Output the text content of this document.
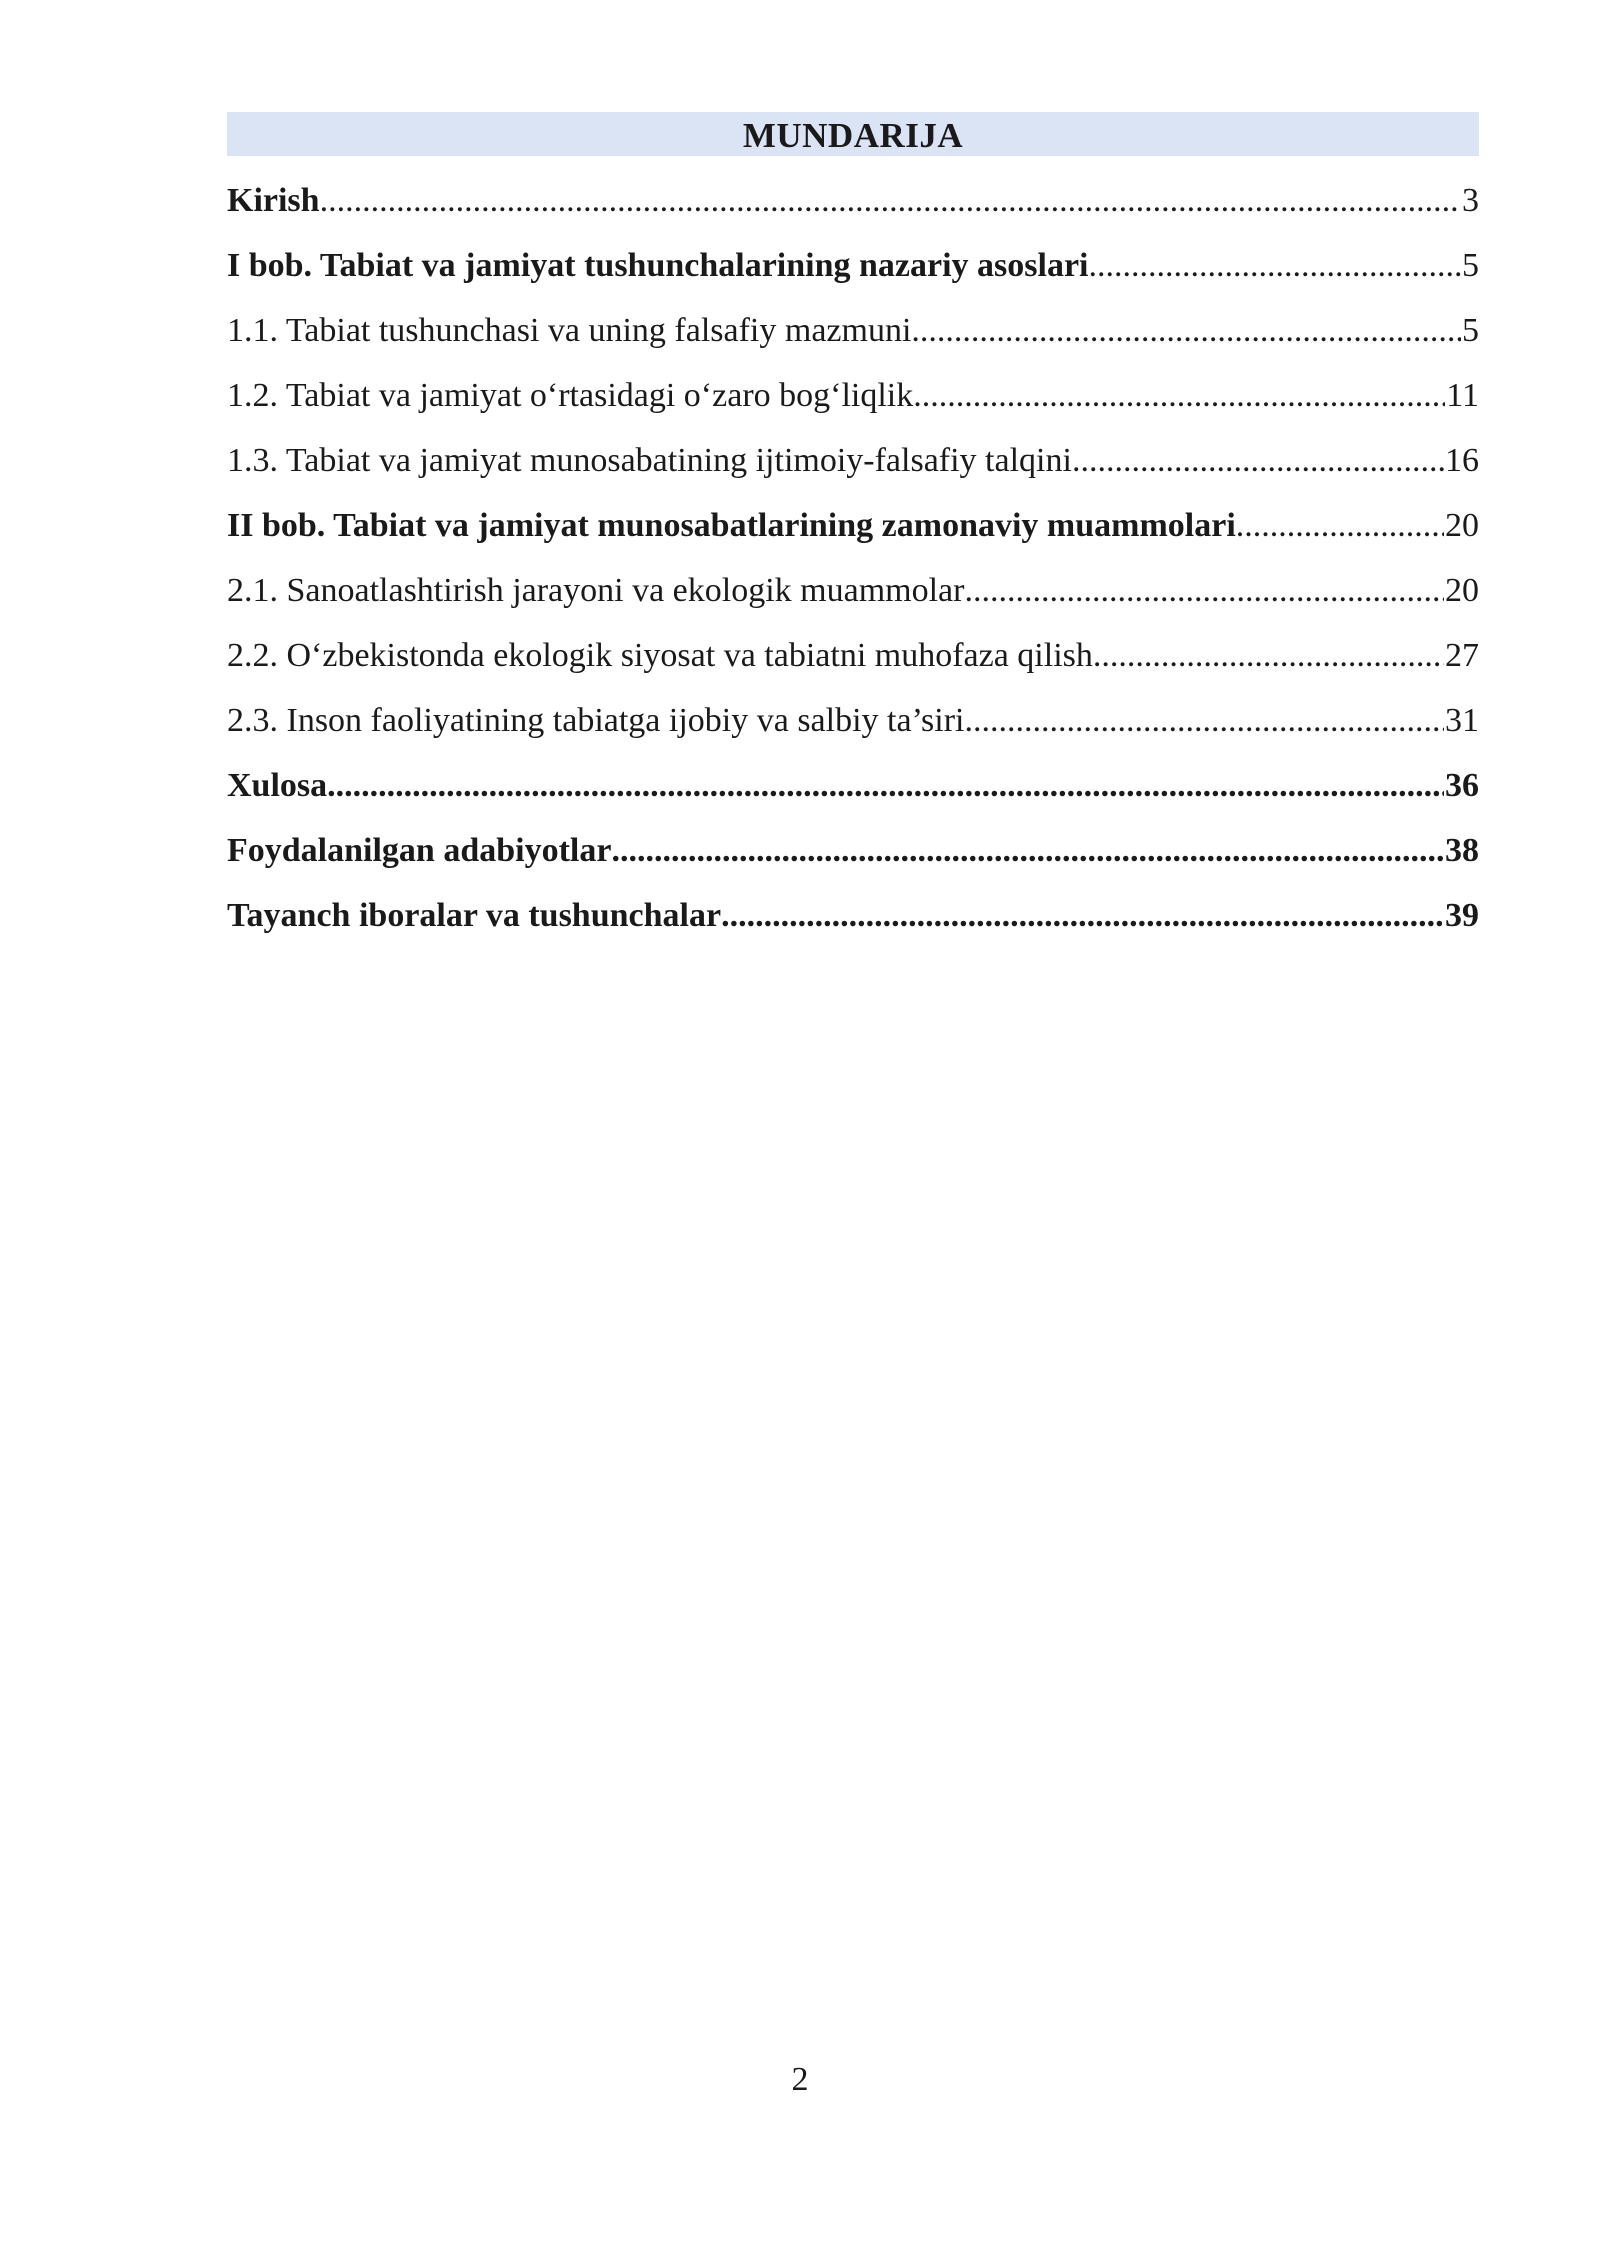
MUNDARIJA
Kirish .....	3
I bob. Tabiat va jamiyat tushunchalarining nazariy asoslari .....	5
1.1. Tabiat tushunchasi va uning falsafiy mazmuni .....	5
1.2. Tabiat va jamiyat o‘rtasidagi o‘zaro bog‘liqlik .....	11
1.3. Tabiat va jamiyat munosabatining ijtimoiy-falsafiy talqini .....	16
II bob. Tabiat va jamiyat munosabatlarining zamonaviy muammolari .....	20
2.1. Sanoatlashtirish jarayoni va ekologik muammolar .....	20
2.2. O‘zbekistonda ekologik siyosat va tabiatni muhofaza qilish .....	27
2.3. Inson faoliyatining tabiatga ijobiy va salbiy ta’siri .....	31
Xulosa .....	36
Foydalanilgan adabiyotlar .....	38
Tayanch iboralar va tushunchalar .....	39
2
